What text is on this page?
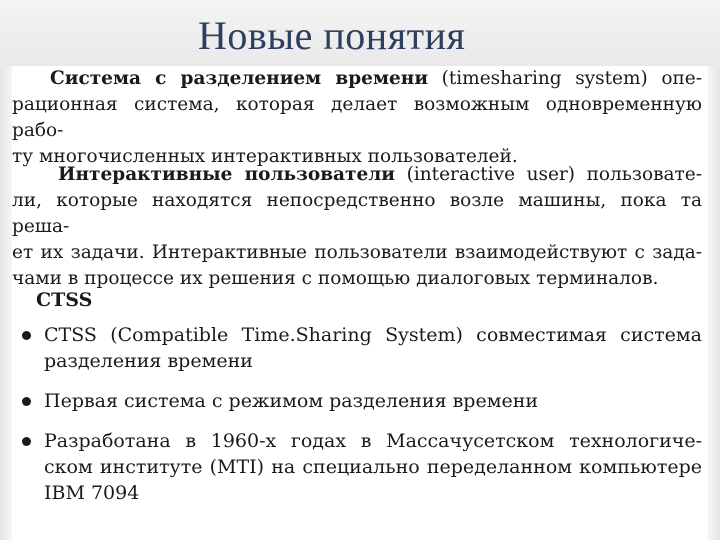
Новые понятия
Система с разделением времени (timesharing system) опе-
рационная система, которая делает возможным одновременную рабо-
ту многочисленных интерактивных пользователей.
Интерактивные пользователи (interactive user) пользовате-
ли, которые находятся непосредственно возле машины, пока та реша-
ет их задачи. Интерактивные пользователи взаимодействуют с зада-
чами в процессе их решения с помощью диалоговых терминалов.
CTSS
CTSS (Compatible Time.Sharing System) совместимая система
разделения времени
Первая система с режимом разделения времени
Разработана в 1960-х годах в Массачусетском технологиче-
ском институте (MTI) на специально переделанном компьютере
IBM 7094
